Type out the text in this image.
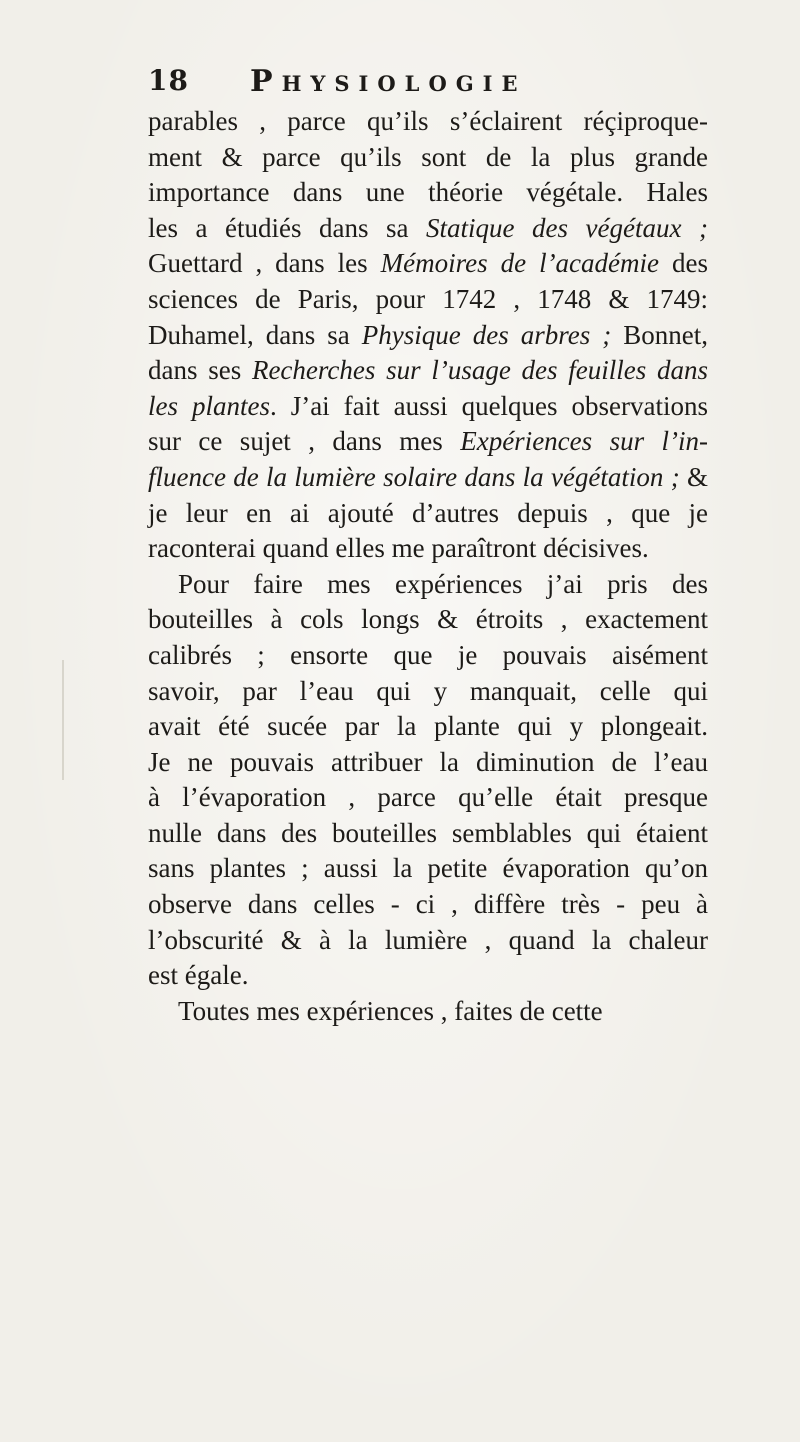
18 PHYSIOLOGIE
parables , parce qu’ils s’éclairent réçiproque-
ment & parce qu’ils sont de la plus grande
importance dans une théorie végétale. Hales
les a étudiés dans sa Statique des végétaux ;
Guettard , dans les Mémoires de l’académie des
sciences de Paris, pour 1742 , 1748 & 1749:
Duhamel, dans sa Physique des arbres ; Bonnet,
dans ses Recherches sur l’usage des feuilles dans
les plantes. J’ai fait aussi quelques observations
sur ce sujet , dans mes Expériences sur l’in-
fluence de la lumière solaire dans la végétation ; &
je leur en ai ajouté d’autres depuis , que je
raconterai quand elles me paraîtront décisives.
Pour faire mes expériences j’ai pris des
bouteilles à cols longs & étroits , exactement
calibrés ; ensorte que je pouvais aisément
savoir, par l’eau qui y manquait, celle qui
avait été sucée par la plante qui y plongeait.
Je ne pouvais attribuer la diminution de l’eau
à l’évaporation , parce qu’elle était presque
nulle dans des bouteilles semblables qui étaient
sans plantes ; aussi la petite évaporation qu’on
observe dans celles - ci , diffère très - peu à
l’obscurité & à la lumière , quand la chaleur
est égale.
Toutes mes expériences , faites de cette
